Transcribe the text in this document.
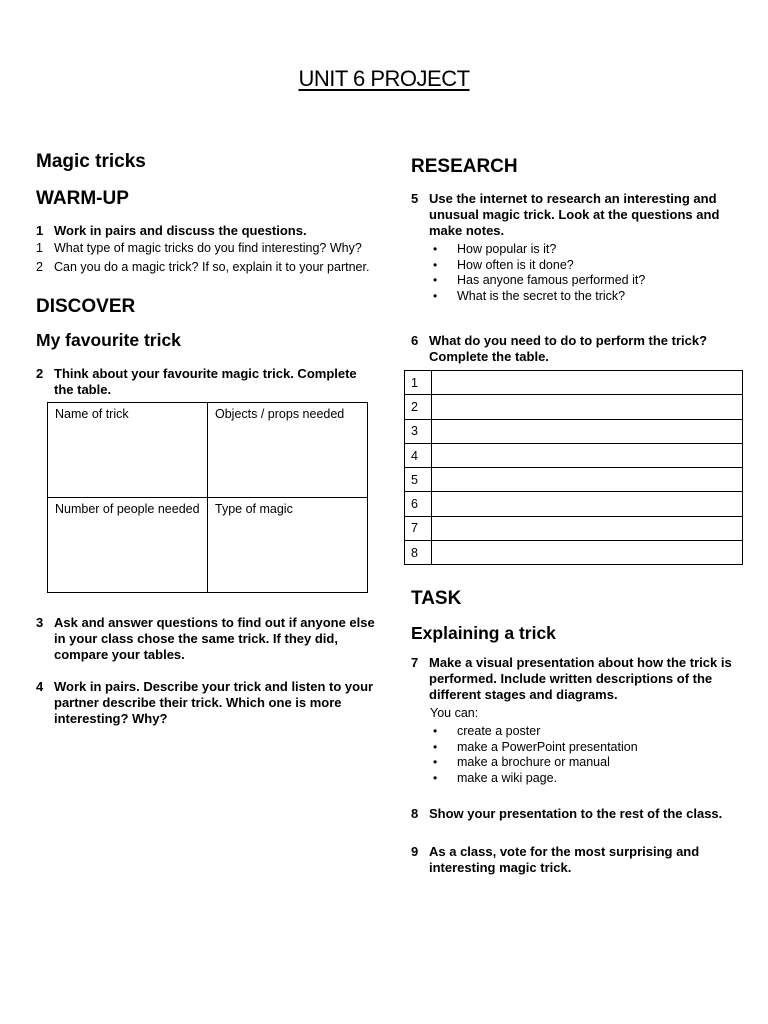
UNIT 6 PROJECT
Magic tricks
WARM-UP
1 Work in pairs and discuss the questions.
1 What type of magic tricks do you find interesting? Why?
2 Can you do a magic trick? If so, explain it to your partner.
DISCOVER
My favourite trick
2 Think about your favourite magic trick. Complete the table.
Name of trick	Objects / props needed
Number of people needed	Type of magic
3 Ask and answer questions to find out if anyone else in your class chose the same trick. If they did, compare your tables.
4 Work in pairs. Describe your trick and listen to your partner describe their trick. Which one is more interesting? Why?
RESEARCH
5 Use the internet to research an interesting and unusual magic trick. Look at the questions and make notes.
• How popular is it?
• How often is it done?
• Has anyone famous performed it?
• What is the secret to the trick?
6 What do you need to do to perform the trick? Complete the table.
1	
2	
3	
4	
5	
6	
7	
8	
TASK
Explaining a trick
7 Make a visual presentation about how the trick is performed. Include written descriptions of the different stages and diagrams.
You can:
• create a poster
• make a PowerPoint presentation
• make a brochure or manual
• make a wiki page.
8 Show your presentation to the rest of the class.
9 As a class, vote for the most surprising and interesting magic trick.
